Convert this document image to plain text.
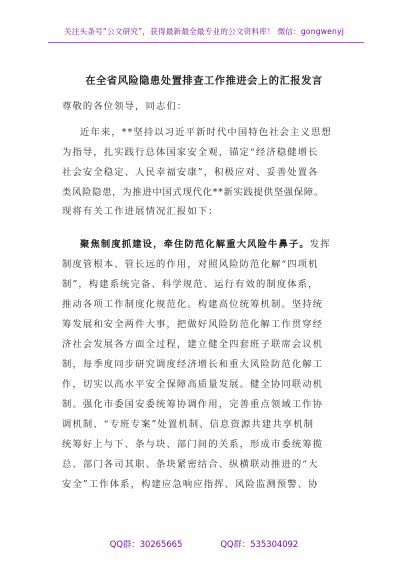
关注头条号“公文研究”，获得最新最全最专业的公文资料库！ 微信：gongwenyj
在全省风险隐患处置排查工作推进会上的汇报发言
尊敬的各位领导，同志们：
近年来，**坚持以习近平新时代中国特色社会主义思想
为指导，扎实践行总体国家安全观，锚定“经济稳健增长
社会安全稳定、人民幸福安康”，积极应对、妥善处置各
类风险隐患，为推进中国式现代化**新实践提供坚强保障。
现将有关工作进展情况汇报如下：
聚焦制度抓建设，牵住防范化解重大风险牛鼻子。发挥
制度管根本、管长远的作用，对照风险防范化解“四项机
制”，构建系统完备、科学规范、运行有效的制度体系，
推动各项工作制度化规范化。构建高位统筹机制。坚持统
筹发展和安全两件大事，把做好风险防范化解工作贯穿经
济社会发展各方面全过程，建立健全四套班子联席会议机
制，每季度同步研究调度经济增长和重大风险防范化解工
作，切实以高水平安全保障高质量发展。健全协同联动机
制。强化市委国安委统筹协调作用，完善重点领域工作协
调机制、“专班专案”处置机制、信息资源共建共享机制
统筹好上与下、条与块、部门间的关系，形成市委统筹揽
总、部门各司其职、条块紧密结合、纵横联动推进的“大
安全”工作体系，构建应急响应指挥、风险监测预警、协
QQ群：30265665	QQ群：535304092
